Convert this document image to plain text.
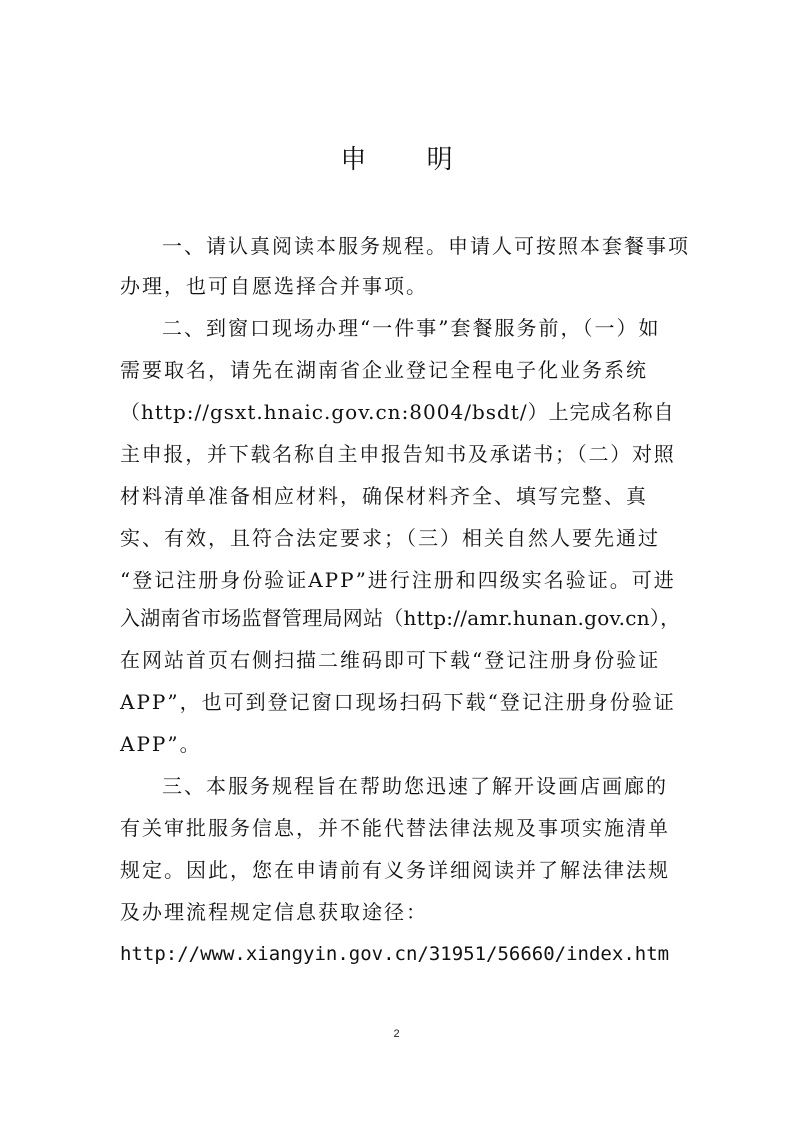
申 明
一、请认真阅读本服务规程。申请人可按照本套餐事项
办理，也可自愿选择合并事项。
二、到窗口现场办理“一件事”套餐服务前，（一）如
需要取名，请先在湖南省企业登记全程电子化业务系统
（http://gsxt.hnaic.gov.cn:8004/bsdt/）上完成名称自
主申报，并下载名称自主申报告知书及承诺书；（二）对照
材料清单准备相应材料，确保材料齐全、填写完整、真
实、有效，且符合法定要求；（三）相关自然人要先通过
“登记注册身份验证APP”进行注册和四级实名验证。可进
入湖南省市场监督管理局网站（http://amr.hunan.gov.cn），
在网站首页右侧扫描二维码即可下载“登记注册身份验证
APP”，也可到登记窗口现场扫码下载“登记注册身份验证
APP”。
三、本服务规程旨在帮助您迅速了解开设画店画廊的
有关审批服务信息，并不能代替法律法规及事项实施清单
规定。因此，您在申请前有义务详细阅读并了解法律法规
及办理流程规定信息获取途径：
http://www.xiangyin.gov.cn/31951/56660/index.htm
2
